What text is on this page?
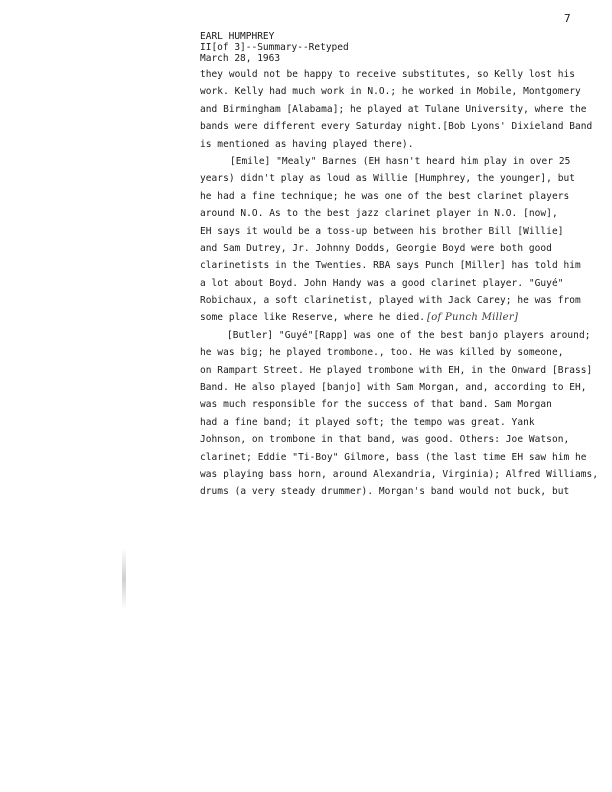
7
EARL HUMPHREY
II[of 3]--Summary--Retyped
March 28, 1963
they would not be happy to receive substitutes, so Kelly lost his
work. Kelly had much work in N.O.; he worked in Mobile, Montgomery
and Birmingham [Alabama]; he played at Tulane University, where the
bands were different every Saturday night.[Bob Lyons' Dixieland Band
is mentioned as having played there).
[Emile] "Mealy" Barnes (EH hasn't heard him play in over 25
years) didn't play as loud as Willie [Humphrey, the younger], but
he had a fine technique; he was one of the best clarinet players
around N.O. As to the best jazz clarinet player in N.O. [now],
EH says it would be a toss-up between his brother Bill [Willie]
and Sam Dutrey, Jr. Johnny Dodds, Georgie Boyd were both good
clarinetists in the Twenties. RBA says Punch [Miller] has told him
a lot about Boyd. John Handy was a good clarinet player. "Guyé"
Robichaux, a soft clarinetist, played with Jack Carey; he was from
some place like Reserve, where he died. [of Punch Miller]
[Butler] "Guyé"[Rapp] was one of the best banjo players around;
he was big; he played trombone., too. He was killed by someone,
on Rampart Street. He played trombone with EH, in the Onward [Brass]
Band. He also played [banjo] with Sam Morgan, and, according to EH,
was much responsible for the success of that band. Sam Morgan
had a fine band; it played soft; the tempo was great. Yank
Johnson, on trombone in that band, was good. Others: Joe Watson,
clarinet; Eddie "Ti-Boy" Gilmore, bass (the last time EH saw him he
was playing bass horn, around Alexandria, Virginia); Alfred Williams,
drums (a very steady drummer). Morgan's band would not buck, but
